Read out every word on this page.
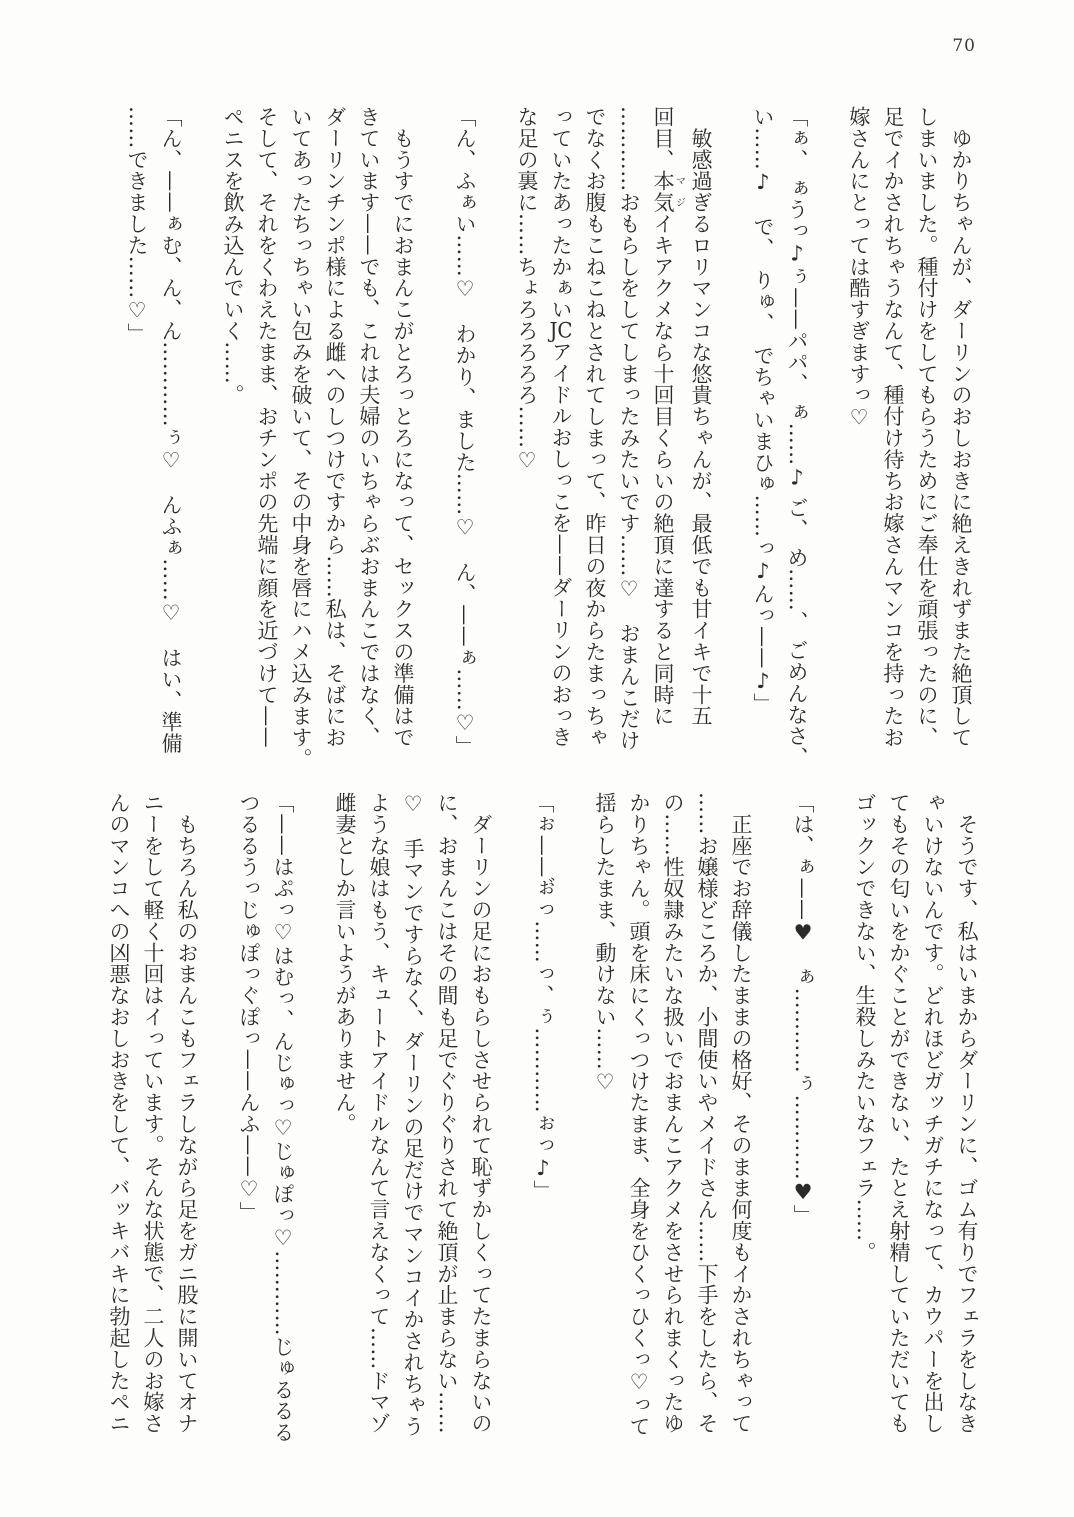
70
　ゆかりちゃんが、ダーリンのおしおきに絶えきれずまた絶頂して
しまいました。種付けをしてもらうためにご奉仕を頑張ったのに、
足でイかされちゃうなんて、種付け待ちお嫁さんマンコを持ったお
嫁さんにとっては酷すぎますっ♡
「ぁ、 ぁうっ♪ぅ——パパ、 ぁ……♪ ご、 め……、 ごめんなさ、
い……♪　で、　りゅ、　でちゃいまひゅ……っ♪んっ——♪」
　敏感過ぎるロリマンコな悠貴ちゃんが、最低でも甘イキで十五
回目、本気マジイキアクメなら十回目くらいの絶頂に達すると同時に
…………おもらしをしてしまったみたいです……♡　おまんこだけ
でなくお腹もこねこねとされてしまって、昨日の夜からたまっちゃ
っていたあったかぁいJCアイドルおしっこを——ダーリンのおっき
な足の裏に……ちょろろろろろ……♡
「ん、ふぁい……♡　わかり、ました……♡　ん、——ぁ……♡」
　もうすでにおまんこがとろっとろになって、セックスの準備はで
きています——でも、これは夫婦のいちゃらぶおまんこではなく、
ダーリンチンポ様による雌へのしつけですから……私は、そばにお
いてあったちっちゃい包みを破いて、その中身を唇にハメ込みます。
そして、それをくわえたまま、おチンポの先端に顔を近づけて——
ペニスを飲み込んでいく……。
「ん、——ぁむ、ん、ん…………ぅ♡　んふぁ……♡　はい、準備
……できました……♡」
　そうです、私はいまからダーリンに、ゴム有りでフェラをしなき
ゃいけないんです。どれほどガッチガチになって、カウパーを出し
てもその匂いをかぐことができない、たとえ射精していただいても
ゴックンできない、生殺しみたいなフェラ……。
「は、ぁ——♥　ぁ…………ぅ…………♥」
　正座でお辞儀したままの格好、そのまま何度もイかされちゃって
……お嬢様どころか、小間使いやメイドさん……下手をしたら、そ
の……性奴隷みたいな扱いでおまんこアクメをさせられまくったゆ
かりちゃん。頭を床にくっつけたまま、全身をひくっひくっ♡って
揺らしたまま、動けない……♡
「ぉ——ぉ゙っ……っ、ぅ…………ぉっ♪」
　ダーリンの足におもらしさせられて恥ずかしくってたまらないの
に、おまんこはその間も足でぐりぐりされて絶頂が止まらない……
♡　手マンですらなく、ダーリンの足だけでマンコイかされちゃう
ような娘はもう、キュートアイドルなんて言えなくって……ドマゾ
雌妻としか言いようがありません。
「——はぷっ♡はむっ、んじゅっ♡じゅぽっ♡…………じゅるるる
つるるうっじゅぽっぐぽっ——んふ——♡」
　もちろん私のおまんこもフェラしながら足をガニ股に開いてオナ
ニーをして軽く十回はイっています。そんな状態で、二人のお嫁さ
んのマンコへの凶悪なおしおきをして、バッキバキに勃起したペニ
